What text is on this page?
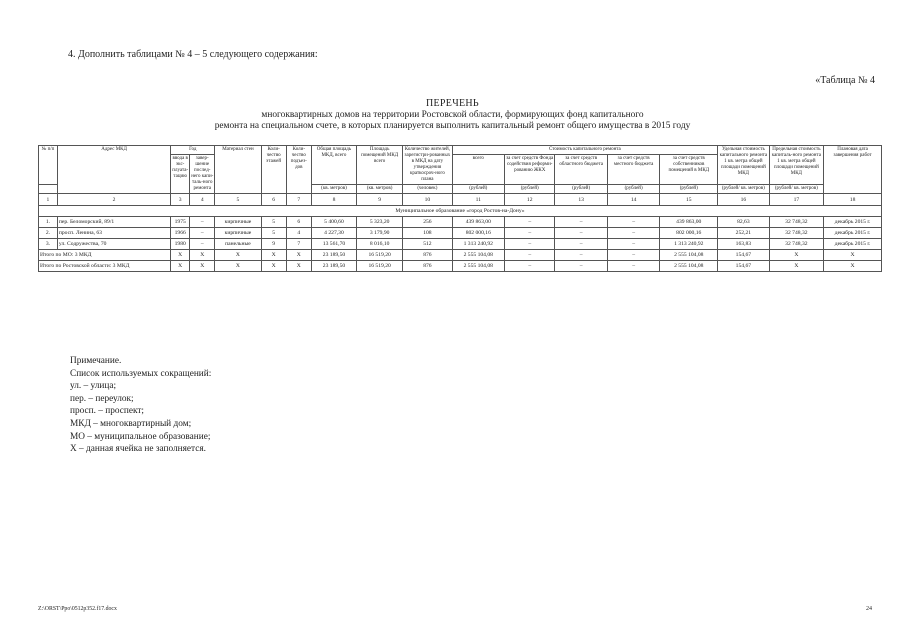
4. Дополнить таблицами № 4 – 5 следующего содержания:
«Таблица № 4
ПЕРЕЧЕНЬ
многоквартирных домов на территории Ростовской области, формирующих фонд капитального
ремонта на специальном счете, в которых планируется выполнить капитальный ремонт общего имущества в 2015 году
№ п/п	Адрес МКД	Год		Материал стен	Коли-чество этажей	Коли-чество подъез-дов	Общая площадь МКД, всего	Площадь помещений МКД всего	Количество жителей, зарегистри-рованных в МКД на дату утверждения краткосроч-ного плана	Стоимость капитального ремонта					Удельная стоимость капитального ремонта 1 кв. метра общей площади помещений МКД	Предельная стоимость капиталь-ного ремонта 1 кв. метра общей площади помещений МКД	Плановая дата завершения работ
		ввода в экс-плуата-тацию	завер-шение послед-него капи-таль-ного ремонта							всего	за счет средств Фонда содействия реформи-рованию ЖКХ	за счет средств областного бюджета	за счет средств местного бюджета	за счет средств собственников помещений в МКД			
							(кв. метров)	(кв. метров)	(человек)	(рублей)	(рублей)	(рублей)	(рублей)	(рублей)	(рублей/ кв. метров)	(рублей/ кв. метров)	
1	2	3	4	5	6	7	8	9	10	11	12	13	14	15	16	17	18
Муниципальное образование «город Ростов-на-Дону»																	
1.	пер. Беломорский, 89/1	1975	–	кирпичные	5	6	5 400,60	5 323,20	256	439 863,00	–	–	–	439 863,00	82,63	32 748,32	декабрь 2015 г.
2.	просп. Ленина, 63	1966	–	кирпичные	5	4	4 227,30	3 179,90	108	802 000,16	–	–	–	802 000,16	252,21	32 748,32	декабрь 2015 г.
3.	ул. Содружества, 70	1980	–	панельные	9	7	13 561,70	8 016,10	512	1 313 240,92	–	–	–	1 313 240,92	163,83	32 748,32	декабрь 2015 г.
Итого по МО: 3 МКД		Х	Х	Х	Х	Х	23 189,50	16 519,20	876	2 555 104,08	–	–	–	2 555 104,08	154,67	Х	Х
Итого по Ростовской области: 3 МКД		Х	Х	Х	Х	Х	23 189,50	16 519,20	876	2 555 104,08	–	–	–	2 555 104,08	154,67	Х	Х
Примечание.
Список используемых сокращений:
ул. – улица;
пер. – переулок;
просп. – проспект;
МКД – многоквартирный дом;
МО – муниципальное образование;
Х – данная ячейка не заполняется.
Z:\ORST\Ppo\0512p352.f17.docx	24
